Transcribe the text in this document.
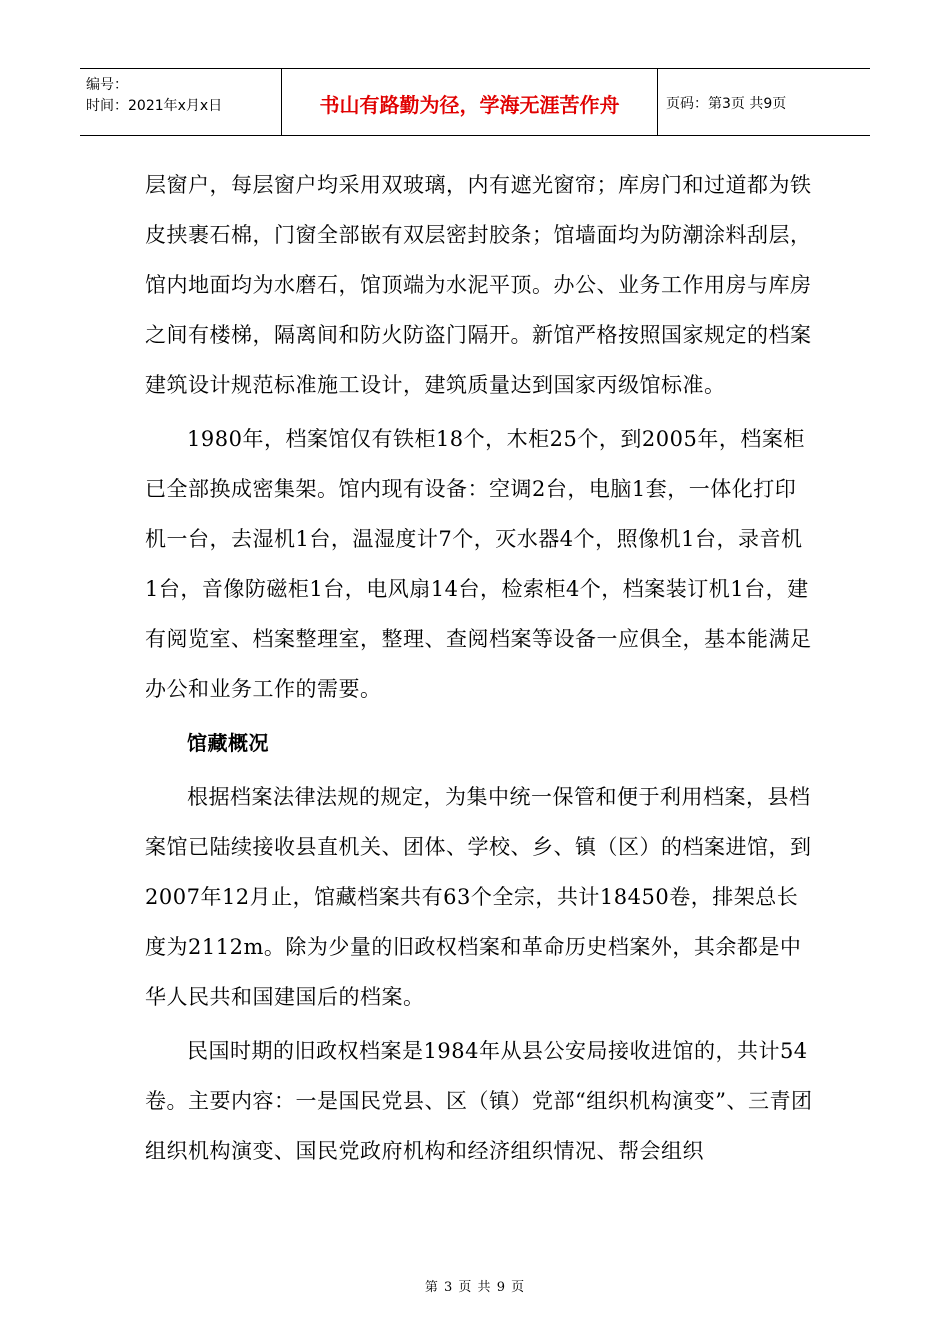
编号：
时间：2021年x月x日	书山有路勤为径，学海无涯苦作舟	页码：第3页 共9页

层窗户，每层窗户均采用双玻璃，内有遮光窗帘；库房门和过道都为铁皮挟裹石棉，门窗全部嵌有双层密封胶条；馆墙面均为防潮涂料刮层，馆内地面均为水磨石，馆顶端为水泥平顶。办公、业务工作用房与库房之间有楼梯，隔离间和防火防盗门隔开。新馆严格按照国家规定的档案建筑设计规范标准施工设计，建筑质量达到国家丙级馆标准。

1980年，档案馆仅有铁柜18个，木柜25个，到2005年，档案柜已全部换成密集架。馆内现有设备：空调2台，电脑1套，一体化打印机一台，去湿机1台，温湿度计7个，灭水器4个，照像机1台，录音机1台，音像防磁柜1台，电风扇14台，检索柜4个，档案装订机1台，建有阅览室、档案整理室，整理、查阅档案等设备一应俱全，基本能满足办公和业务工作的需要。

馆藏概况

根据档案法律法规的规定，为集中统一保管和便于利用档案，县档案馆已陆续接收县直机关、团体、学校、乡、镇（区）的档案进馆，到2007年12月止，馆藏档案共有63个全宗，共计18450卷，排架总长度为2112m。除为少量的旧政权档案和革命历史档案外，其余都是中华人民共和国建国后的档案。

民国时期的旧政权档案是1984年从县公安局接收进馆的，共计54卷。主要内容：一是国民党县、区（镇）党部“组织机构演变”、三青团组织机构演变、国民党政府机构和经济组织情况、帮会组织

第 3 页 共 9 页
